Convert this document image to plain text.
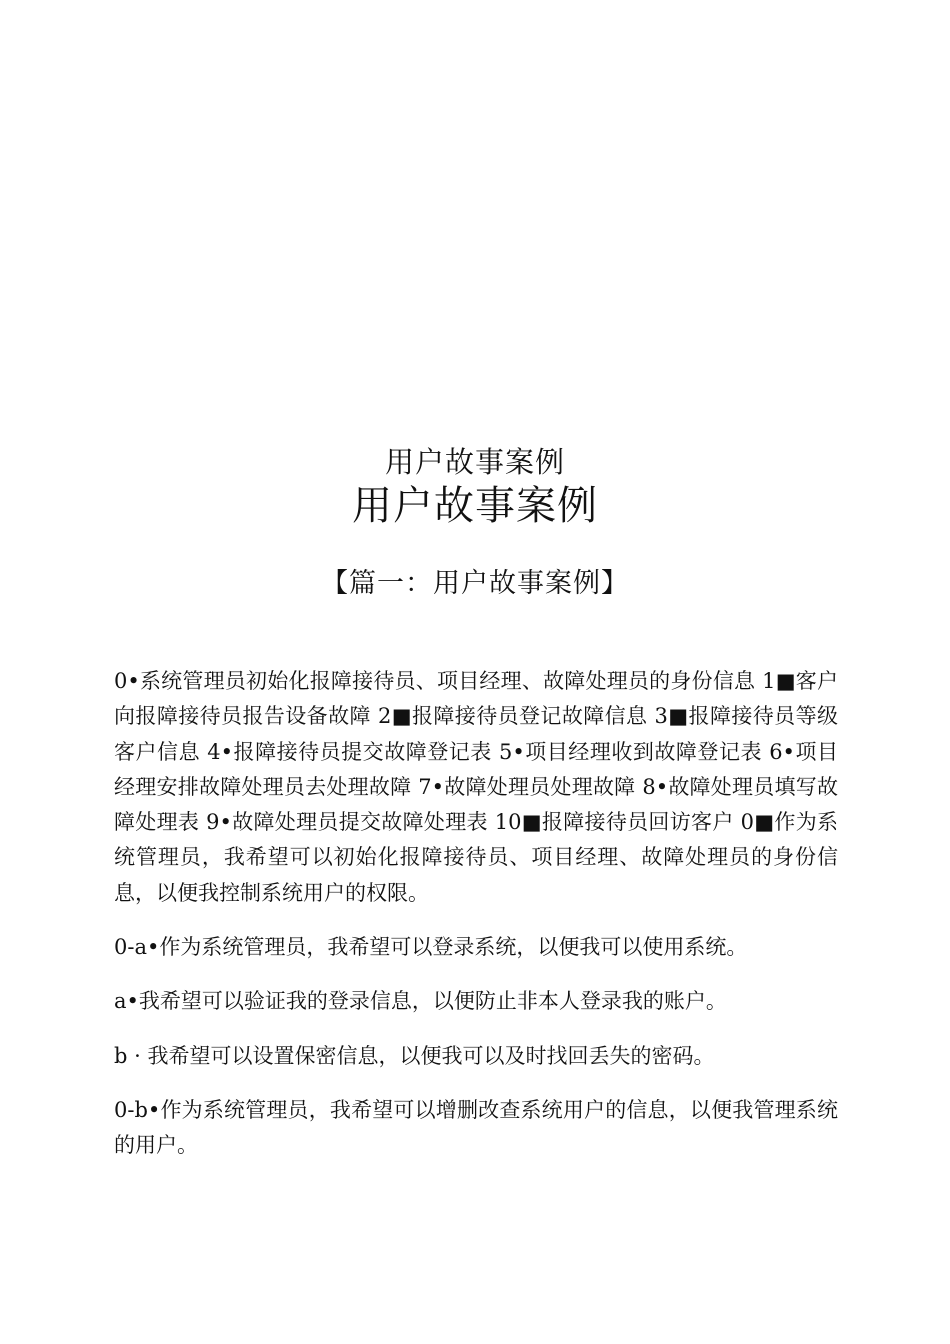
用户故事案例
用户故事案例
【篇一：用户故事案例】

0•系统管理员初始化报障接待员、项目经理、故障处理员的身份信息 1■客户向报障接待员报告设备故障 2■报障接待员登记故障信息 3■报障接待员等级客户信息 4•报障接待员提交故障登记表 5•项目经理收到故障登记表 6•项目经理安排故障处理员去处理故障 7•故障处理员处理故障 8•故障处理员填写故障处理表 9•故障处理员提交故障处理表 10■报障接待员回访客户 0■作为系统管理员，我希望可以初始化报障接待员、项目经理、故障处理员的身份信息，以便我控制系统用户的权限。

0-a•作为系统管理员，我希望可以登录系统，以便我可以使用系统。

a•我希望可以验证我的登录信息，以便防止非本人登录我的账户。

b · 我希望可以设置保密信息，以便我可以及时找回丢失的密码。

0-b•作为系统管理员，我希望可以增删改查系统用户的信息，以便我管理系统的用户。
